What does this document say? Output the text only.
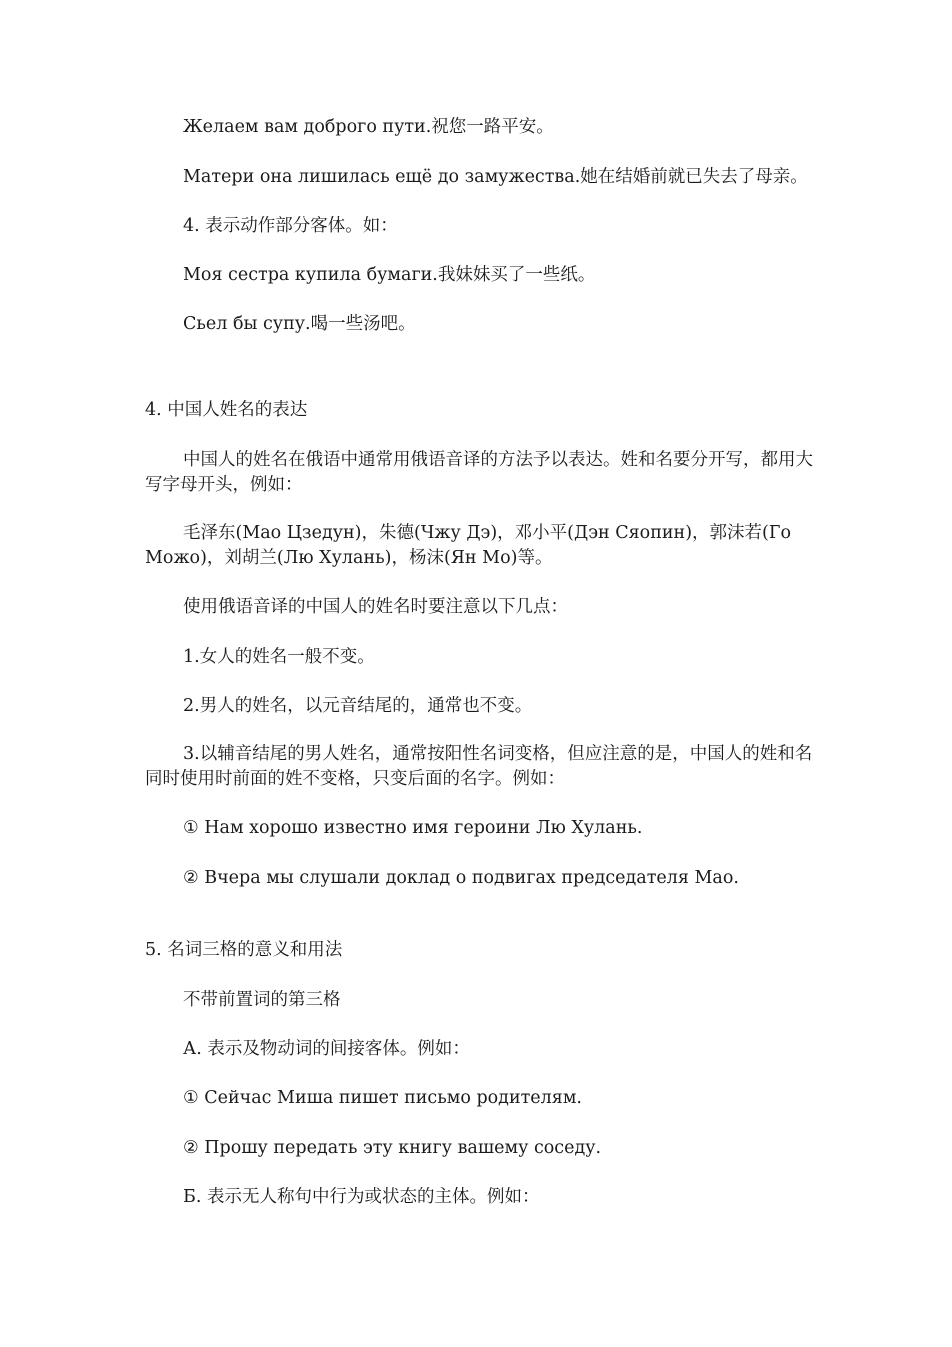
Желаем вам доброго пути.祝您一路平安。
Матери она лишилась ещё до замужества.她在结婚前就已失去了母亲。
4. 表示动作部分客体。如：
Моя сестра купила бумаги.我妹妹买了一些纸。
Сьел бы супу.喝一些汤吧。
4. 中国人姓名的表达
中国人的姓名在俄语中通常用俄语音译的方法予以表达。姓和名要分开写，都用大写字母开头，例如：
毛泽东(Мао Цзедун)，朱德(Чжу Дэ)，邓小平(Дэн Сяопин)，郭沫若(Го Можо)，刘胡兰(Лю Хулань)，杨沫(Ян Мо)等。
使用俄语音译的中国人的姓名时要注意以下几点：
1.女人的姓名一般不变。
2.男人的姓名，以元音结尾的，通常也不变。
3.以辅音结尾的男人姓名，通常按阳性名词变格，但应注意的是，中国人的姓和名同时使用时前面的姓不变格，只变后面的名字。例如：
① Нам хорошо известно имя героини Лю Хулань.
② Вчера мы слушали доклад о подвигах председателя Мао.
5. 名词三格的意义和用法
不带前置词的第三格
А. 表示及物动词的间接客体。例如：
① Сейчас Миша пишет письмо родителям.
② Прошу передать эту книгу вашему соседу.
Б. 表示无人称句中行为或状态的主体。例如：
